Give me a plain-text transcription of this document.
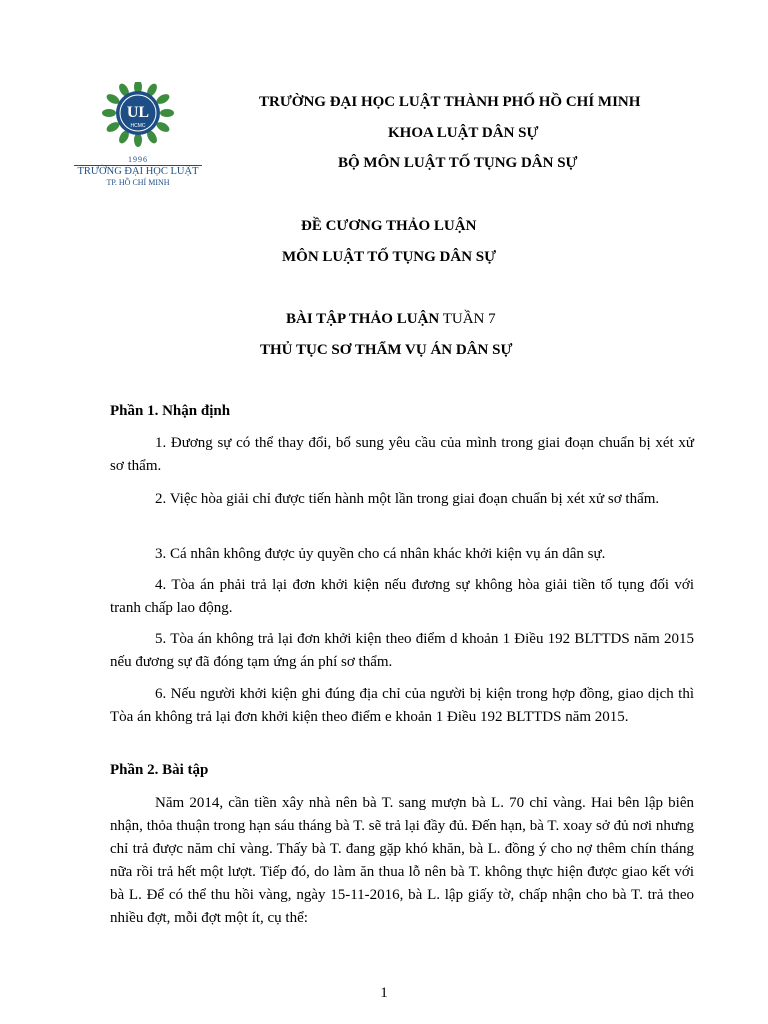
UL
HCMC
1996
TRƯỜNG ĐẠI HỌC LUẬT
TP. HỒ CHÍ MINH
TRƯỜNG ĐẠI HỌC LUẬT THÀNH PHỐ HỒ CHÍ MINH
KHOA LUẬT DÂN SỰ
BỘ MÔN LUẬT TỐ TỤNG DÂN SỰ
ĐỀ CƯƠNG THẢO LUẬN
MÔN LUẬT TỐ TỤNG DÂN SỰ
BÀI TẬP THẢO LUẬN TUẦN 7
THỦ TỤC SƠ THẨM VỤ ÁN DÂN SỰ
Phần 1. Nhận định
1. Đương sự có thể thay đổi, bổ sung yêu cầu của mình trong giai đoạn chuẩn bị xét xử sơ thẩm.
2. Việc hòa giải chỉ được tiến hành một lần trong giai đoạn chuẩn bị xét xử sơ thẩm.
3. Cá nhân không được ủy quyền cho cá nhân khác khởi kiện vụ án dân sự.
4. Tòa án phải trả lại đơn khởi kiện nếu đương sự không hòa giải tiền tố tụng đối với tranh chấp lao động.
5. Tòa án không trả lại đơn khởi kiện theo điểm d khoản 1 Điều 192 BLTTDS năm 2015 nếu đương sự đã đóng tạm ứng án phí sơ thẩm.
6. Nếu người khởi kiện ghi đúng địa chỉ của người bị kiện trong hợp đồng, giao dịch thì Tòa án không trả lại đơn khởi kiện theo điểm e khoản 1 Điều 192 BLTTDS năm 2015.
Phần 2. Bài tập
Năm 2014, cần tiền xây nhà nên bà T. sang mượn bà L. 70 chỉ vàng. Hai bên lập biên nhận, thỏa thuận trong hạn sáu tháng bà T. sẽ trả lại đầy đủ. Đến hạn, bà T. xoay sở đủ nơi nhưng chỉ trả được năm chỉ vàng. Thấy bà T. đang gặp khó khăn, bà L. đồng ý cho nợ thêm chín tháng nữa rồi trả hết một lượt. Tiếp đó, do làm ăn thua lỗ nên bà T. không thực hiện được giao kết với bà L. Để có thể thu hồi vàng, ngày 15-11-2016, bà L. lập giấy tờ, chấp nhận cho bà T. trả theo nhiều đợt, mỗi đợt một ít, cụ thể:
1
